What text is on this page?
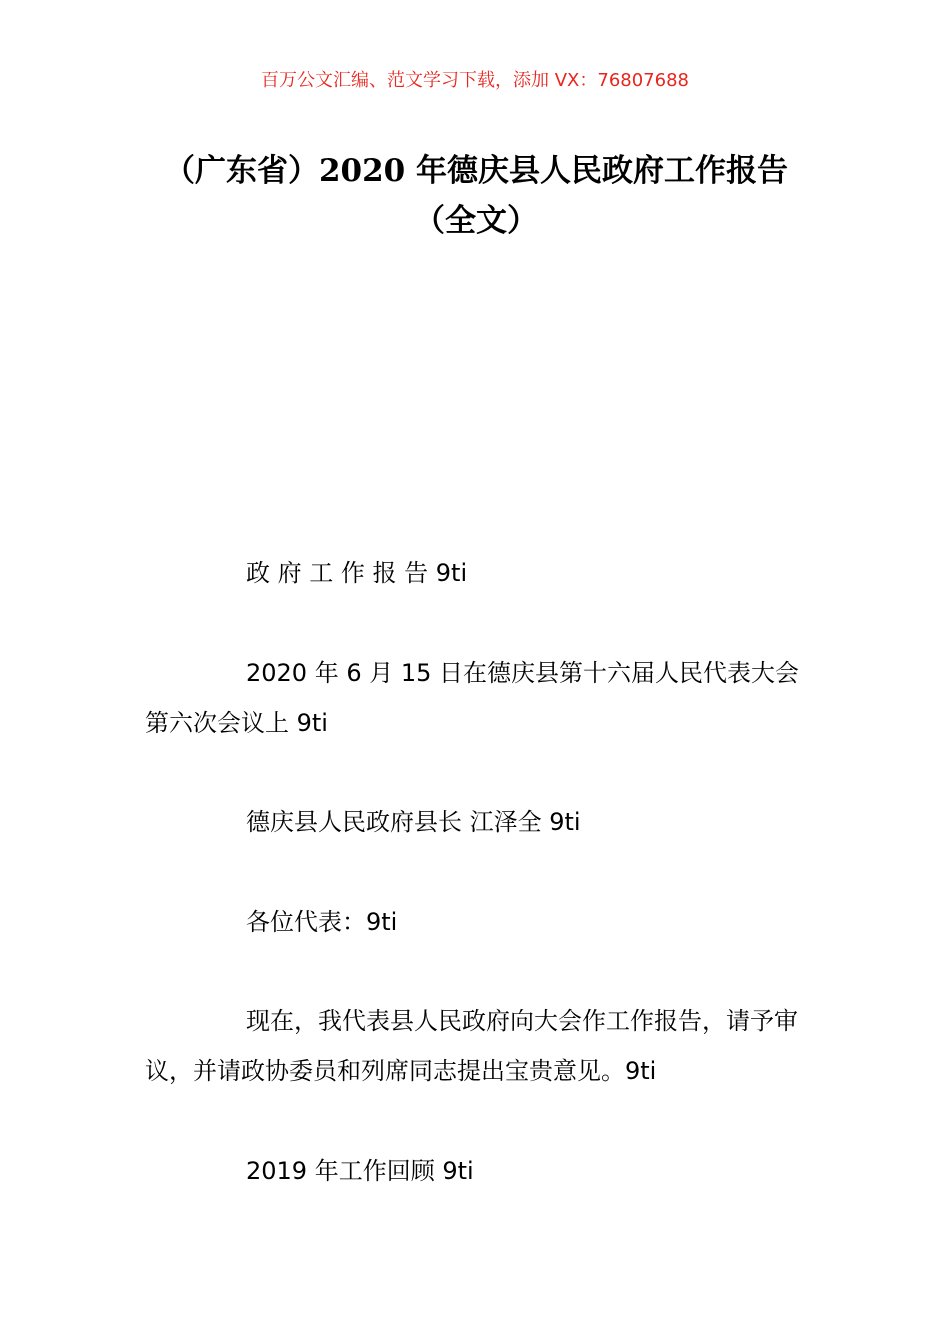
百万公文汇编、范文学习下载，添加 VX：76807688
（广东省）2020 年德庆县人民政府工作报告（全文）
政 府 工 作 报 告 9ti
2020 年 6 月 15 日在德庆县第十六届人民代表大会第六次会议上 9ti
德庆县人民政府县长 江泽全 9ti
各位代表：9ti
现在，我代表县人民政府向大会作工作报告，请予审议，并请政协委员和列席同志提出宝贵意见。9ti
2019 年工作回顾 9ti
